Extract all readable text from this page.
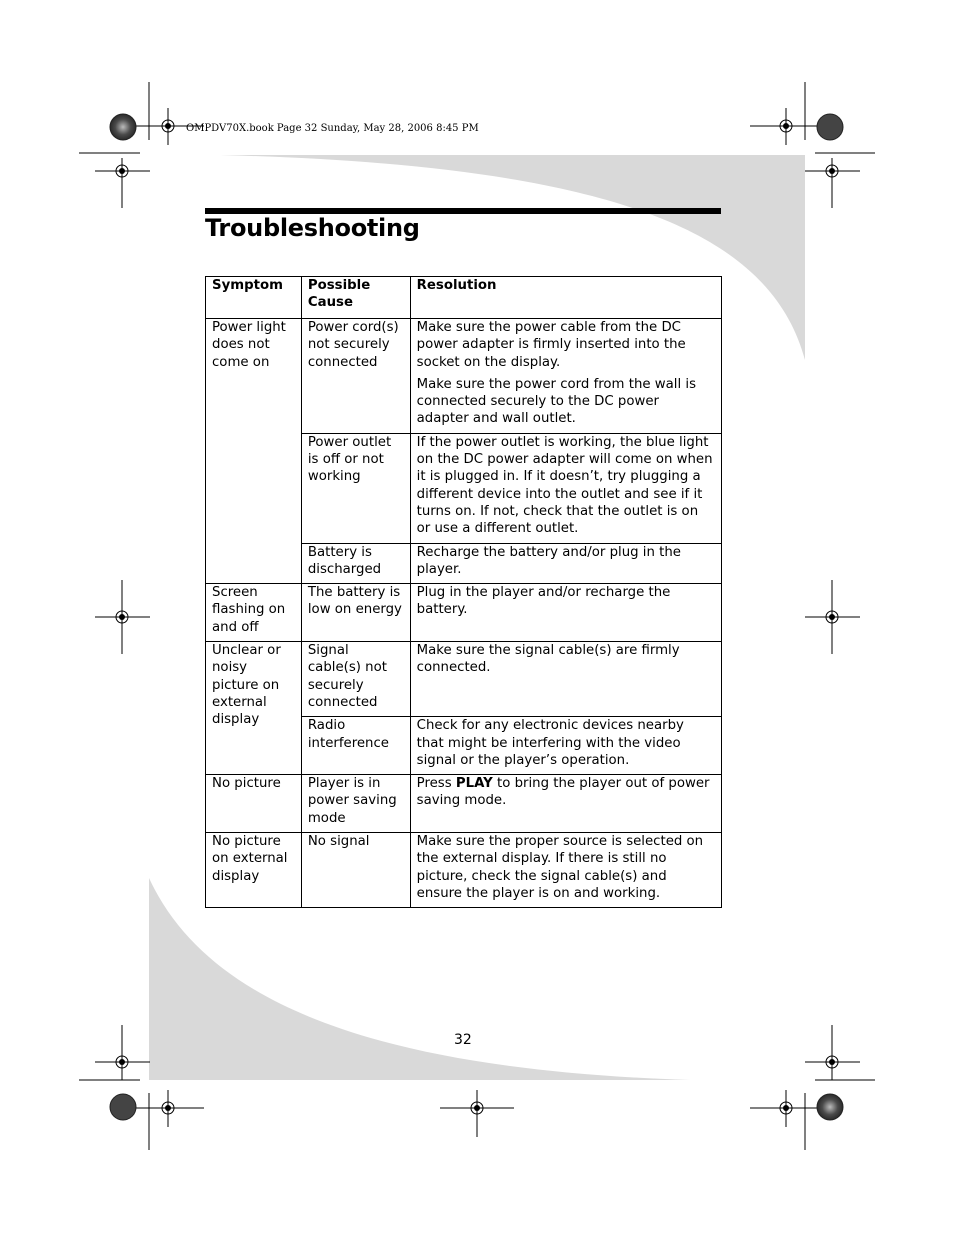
OMPDV70X.book Page 32 Sunday, May 28, 2006 8:45 PM
Troubleshooting
Symptom	Possible Cause	Resolution
Power light does not come on	Power cord(s) not securely connected	Make sure the power cable from the DC power adapter is firmly inserted into the socket on the display.

Make sure the power cord from the wall is connected securely to the DC power adapter and wall outlet.

	Power outlet is off or not working	If the power outlet is working, the blue light on the DC power adapter will come on when it is plugged in. If it doesn’t, try plugging a different device into the outlet and see if it turns on. If not, check that the outlet is on or use a different outlet.
	Battery is discharged	Recharge the battery and/or plug in the player.
Screen flashing on and off	The battery is low on energy	Plug in the player and/or recharge the battery.
Unclear or noisy picture on external display	Signal cable(s) not securely connected	Make sure the signal cable(s) are firmly connected.
	Radio interference	Check for any electronic devices nearby that might be interfering with the video signal or the player’s operation.
No picture	Player is in power saving mode	Press PLAY to bring the player out of power saving mode.
No picture on external display	No signal	Make sure the proper source is selected on the external display. If there is still no picture, check the signal cable(s) and ensure the player is on and working.
32
